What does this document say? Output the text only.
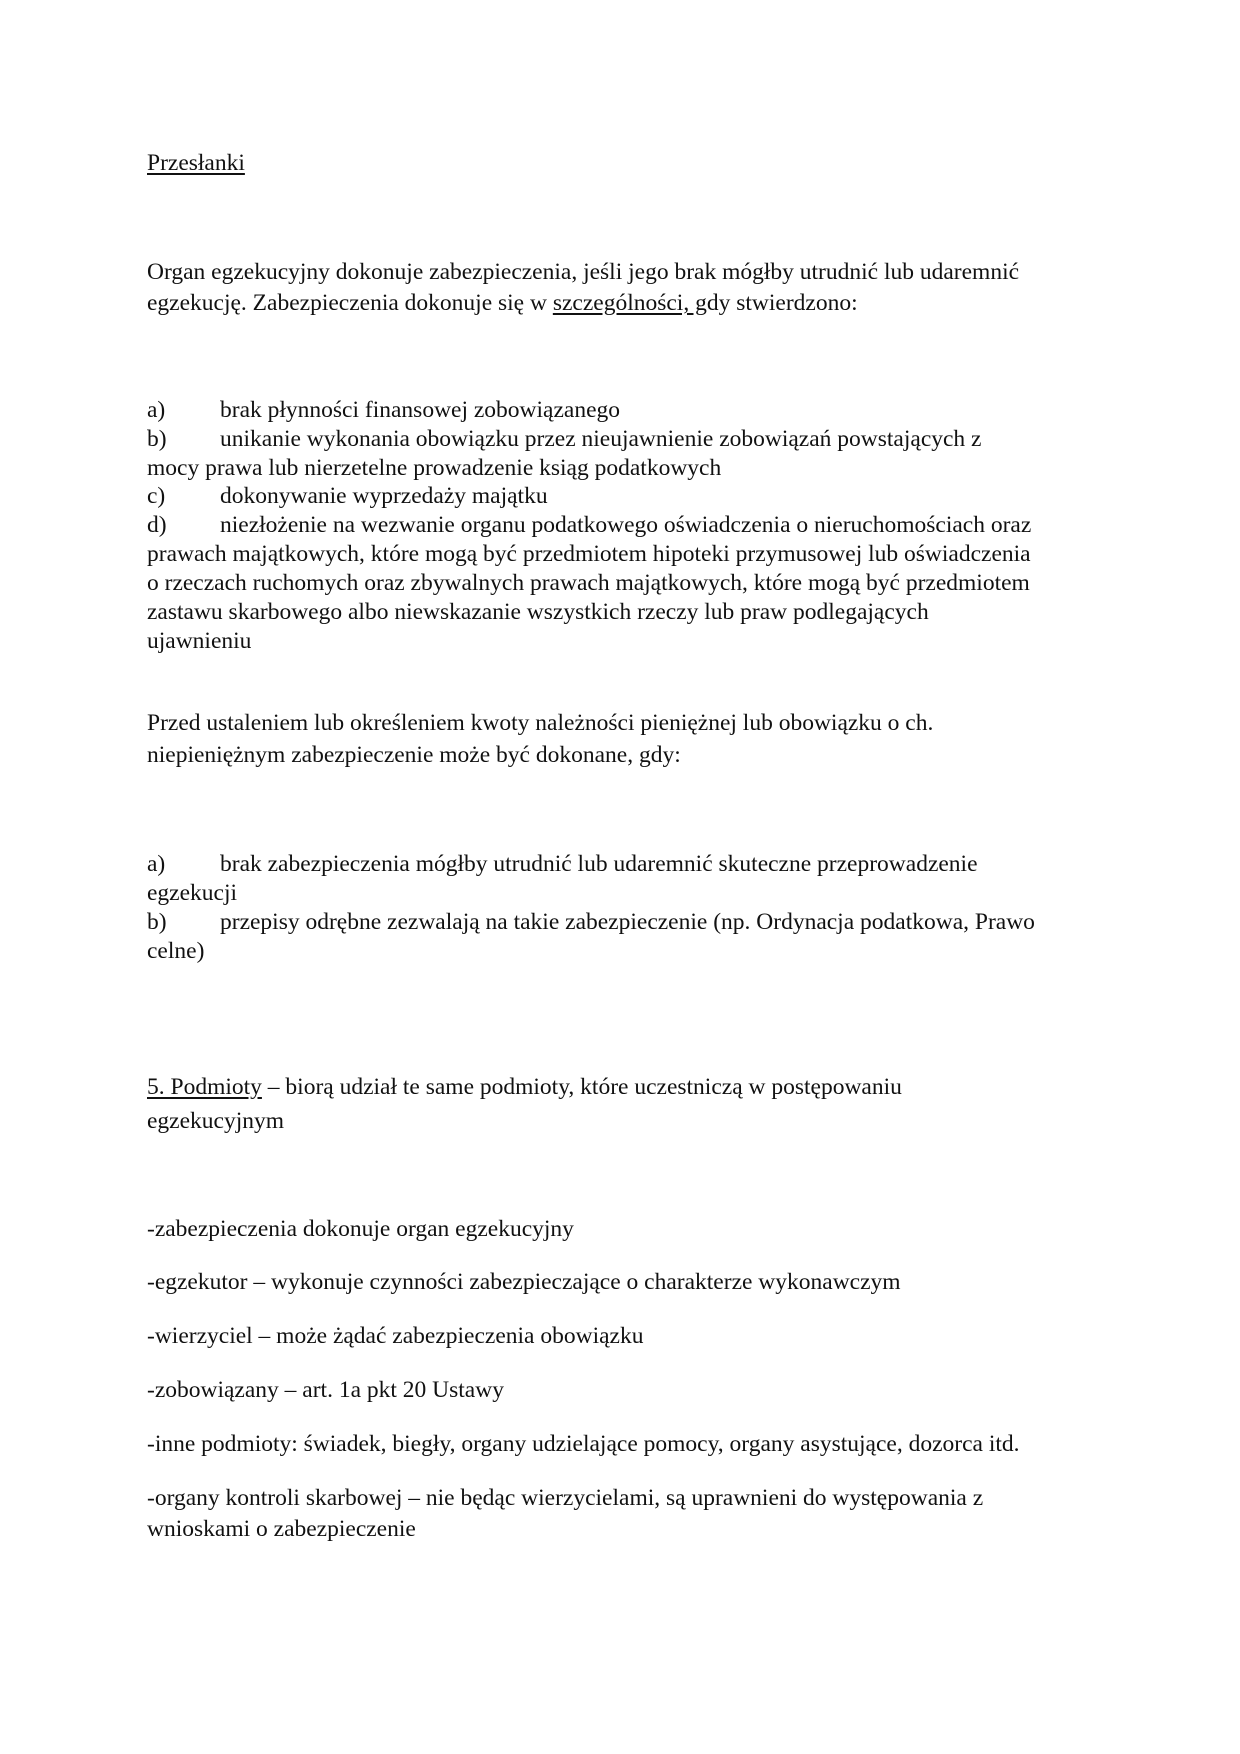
Przesłanki
Organ egzekucyjny dokonuje zabezpieczenia, jeśli jego brak mógłby utrudnić lub udaremnić
egzekucję. Zabezpieczenia dokonuje się w szczególności, gdy stwierdzono:
a) brak płynności finansowej zobowiązanego
b) unikanie wykonania obowiązku przez nieujawnienie zobowiązań powstających z
mocy prawa lub nierzetelne prowadzenie ksiąg podatkowych
c) dokonywanie wyprzedaży majątku
d) niezłożenie na wezwanie organu podatkowego oświadczenia o nieruchomościach oraz
prawach majątkowych, które mogą być przedmiotem hipoteki przymusowej lub oświadczenia
o rzeczach ruchomych oraz zbywalnych prawach majątkowych, które mogą być przedmiotem
zastawu skarbowego albo niewskazanie wszystkich rzeczy lub praw podlegających
ujawnieniu
Przed ustaleniem lub określeniem kwoty należności pieniężnej lub obowiązku o ch.
niepieniężnym zabezpieczenie może być dokonane, gdy:
a) brak zabezpieczenia mógłby utrudnić lub udaremnić skuteczne przeprowadzenie
egzekucji
b) przepisy odrębne zezwalają na takie zabezpieczenie (np. Ordynacja podatkowa, Prawo
celne)
5. Podmioty – biorą udział te same podmioty, które uczestniczą w postępowaniu
egzekucyjnym
-zabezpieczenia dokonuje organ egzekucyjny
-egzekutor – wykonuje czynności zabezpieczające o charakterze wykonawczym
-wierzyciel – może żądać zabezpieczenia obowiązku
-zobowiązany – art. 1a pkt 20 Ustawy
-inne podmioty: świadek, biegły, organy udzielające pomocy, organy asystujące, dozorca itd.
-organy kontroli skarbowej – nie będąc wierzycielami, są uprawnieni do występowania z
wnioskami o zabezpieczenie
